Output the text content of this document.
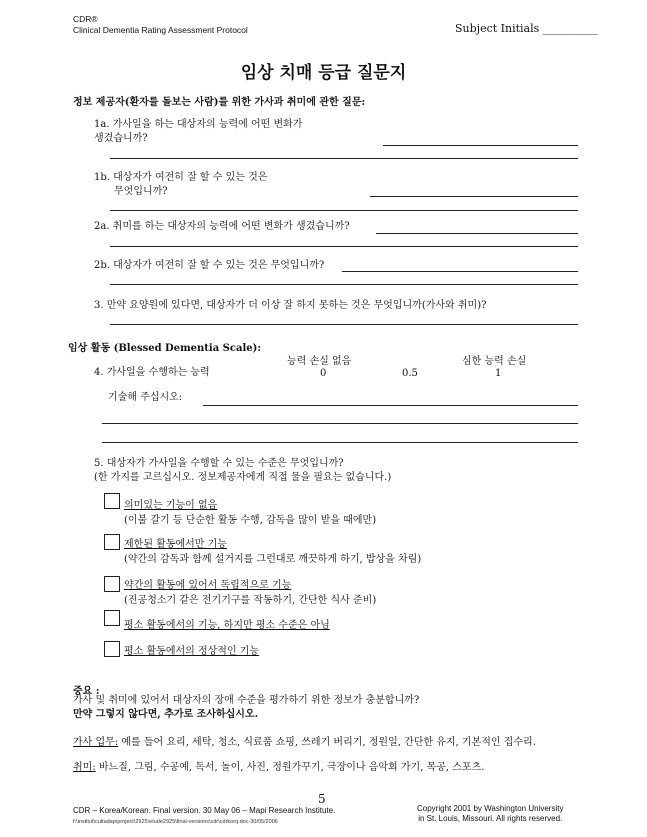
CDR®
Clinical Dementia Rating Assessment Protocol	Subject Initials __________
임상 치매 등급 질문지
정보 제공자(환자를 돌보는 사람)를 위한 가사과 취미에 관한 질문:
1a. 가사일을 하는 대상자의 능력에 어떤 변화가
생겼습니까?
1b. 대상자가 여전히 잘 할 수 있는 것은
무엇입니까?
2a. 취미를 하는 대상자의 능력에 어떤 변화가 생겼습니까?
2b. 대상자가 여전히 잘 할 수 있는 것은 무엇입니까?
3. 만약 요양원에 있다면, 대상자가 더 이상 잘 하지 못하는 것은 무엇입니까(가사와 취미)?
임상 활동 (Blessed Dementia Scale):
능력 손실 없음	심한 능력 손실
4. 가사일을 수행하는 능력	0	0.5	1
기술해 주십시오:
5. 대상자가 가사일을 수행할 수 있는 수준은 무엇입니까?
(한 가지를 고르십시오. 정보제공자에게 직접 물을 필요는 없습니다.)
의미있는 기능이 없음
(이불 갈기 등 단순한 활동 수행, 감독을 많이 받을 때에만)
제한된 활동에서만 기능
(약간의 감독과 함께 설거지를 그런대로 깨끗하게 하기, 밥상을 차림)
약간의 활동에 있어서 독립적으로 기능
(진공청소기 같은 전기기구를 작동하기, 간단한 식사 준비)
평소 활동에서의 기능, 하지만 평소 수준은 아님
평소 활동에서의 정상적인 기능
중요 :
가사 및 취미에 있어서 대상자의 장애 수준을 평가하기 위한 정보가 충분합니까?
만약 그렇지 않다면, 추가로 조사하십시오.
가사 업무: 예를 들어 요리, 세탁, 청소, 식료품 쇼핑, 쓰레기 버리기, 정원일, 간단한 유지, 기본적인 집수리.
취미: 바느질, 그림, 수공예, 독서, 놀이, 사진, 정원가꾸기, 극장이나 음악회 가기, 목공, 스포츠.
5
CDR – Korea/Korean. Final version. 30 May 06 – Mapi Research Institute.
f:\institut\cultadap\project\2925\etude2925\final-versions\cdr\cdrkorq.doc-30/05/2006
Copyright 2001 by Washington University
in St. Louis, Missouri. All rights reserved.
